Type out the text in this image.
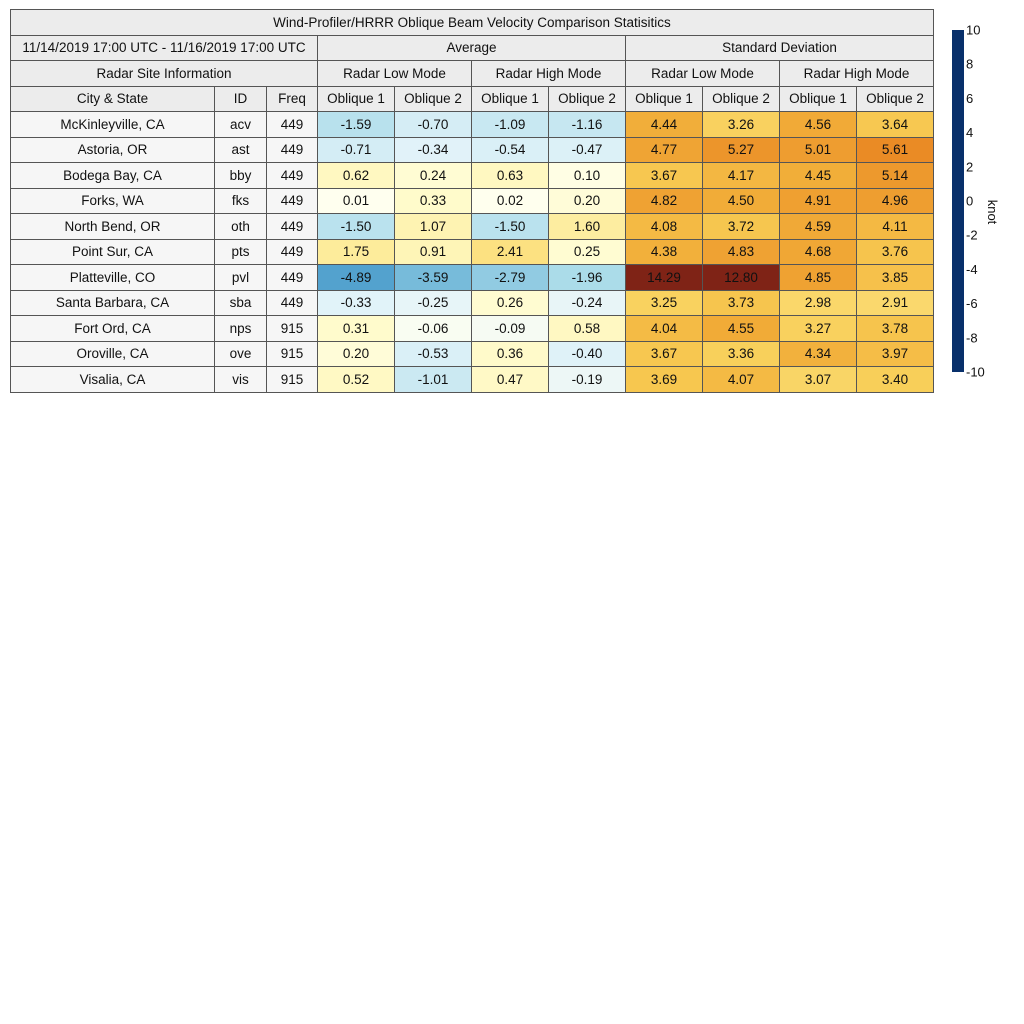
Wind-Profiler/HRRR Oblique Beam Velocity Comparison Statisitics										
11/14/2019 17:00 UTC - 11/16/2019 17:00 UTC			Average				Standard Deviation			
Radar Site Information			Radar Low Mode		Radar High Mode		Radar Low Mode		Radar High Mode	
City & State	ID	Freq	Oblique 1	Oblique 2	Oblique 1	Oblique 2	Oblique 1	Oblique 2	Oblique 1	Oblique 2
McKinleyville, CA	acv	449	-1.59	-0.70	-1.09	-1.16	4.44	3.26	4.56	3.64
Astoria, OR	ast	449	-0.71	-0.34	-0.54	-0.47	4.77	5.27	5.01	5.61
Bodega Bay, CA	bby	449	0.62	0.24	0.63	0.10	3.67	4.17	4.45	5.14
Forks, WA	fks	449	0.01	0.33	0.02	0.20	4.82	4.50	4.91	4.96
North Bend, OR	oth	449	-1.50	1.07	-1.50	1.60	4.08	3.72	4.59	4.11
Point Sur, CA	pts	449	1.75	0.91	2.41	0.25	4.38	4.83	4.68	3.76
Platteville, CO	pvl	449	-4.89	-3.59	-2.79	-1.96	14.29	12.80	4.85	3.85
Santa Barbara, CA	sba	449	-0.33	-0.25	0.26	-0.24	3.25	3.73	2.98	2.91
Fort Ord, CA	nps	915	0.31	-0.06	-0.09	0.58	4.04	4.55	3.27	3.78
Oroville, CA	ove	915	0.20	-0.53	0.36	-0.40	3.67	3.36	4.34	3.97
Visalia, CA	vis	915	0.52	-1.01	0.47	-0.19	3.69	4.07	3.07	3.40
10
8
6
4
2
0
-2
-4
-6
-8
-10
knot
